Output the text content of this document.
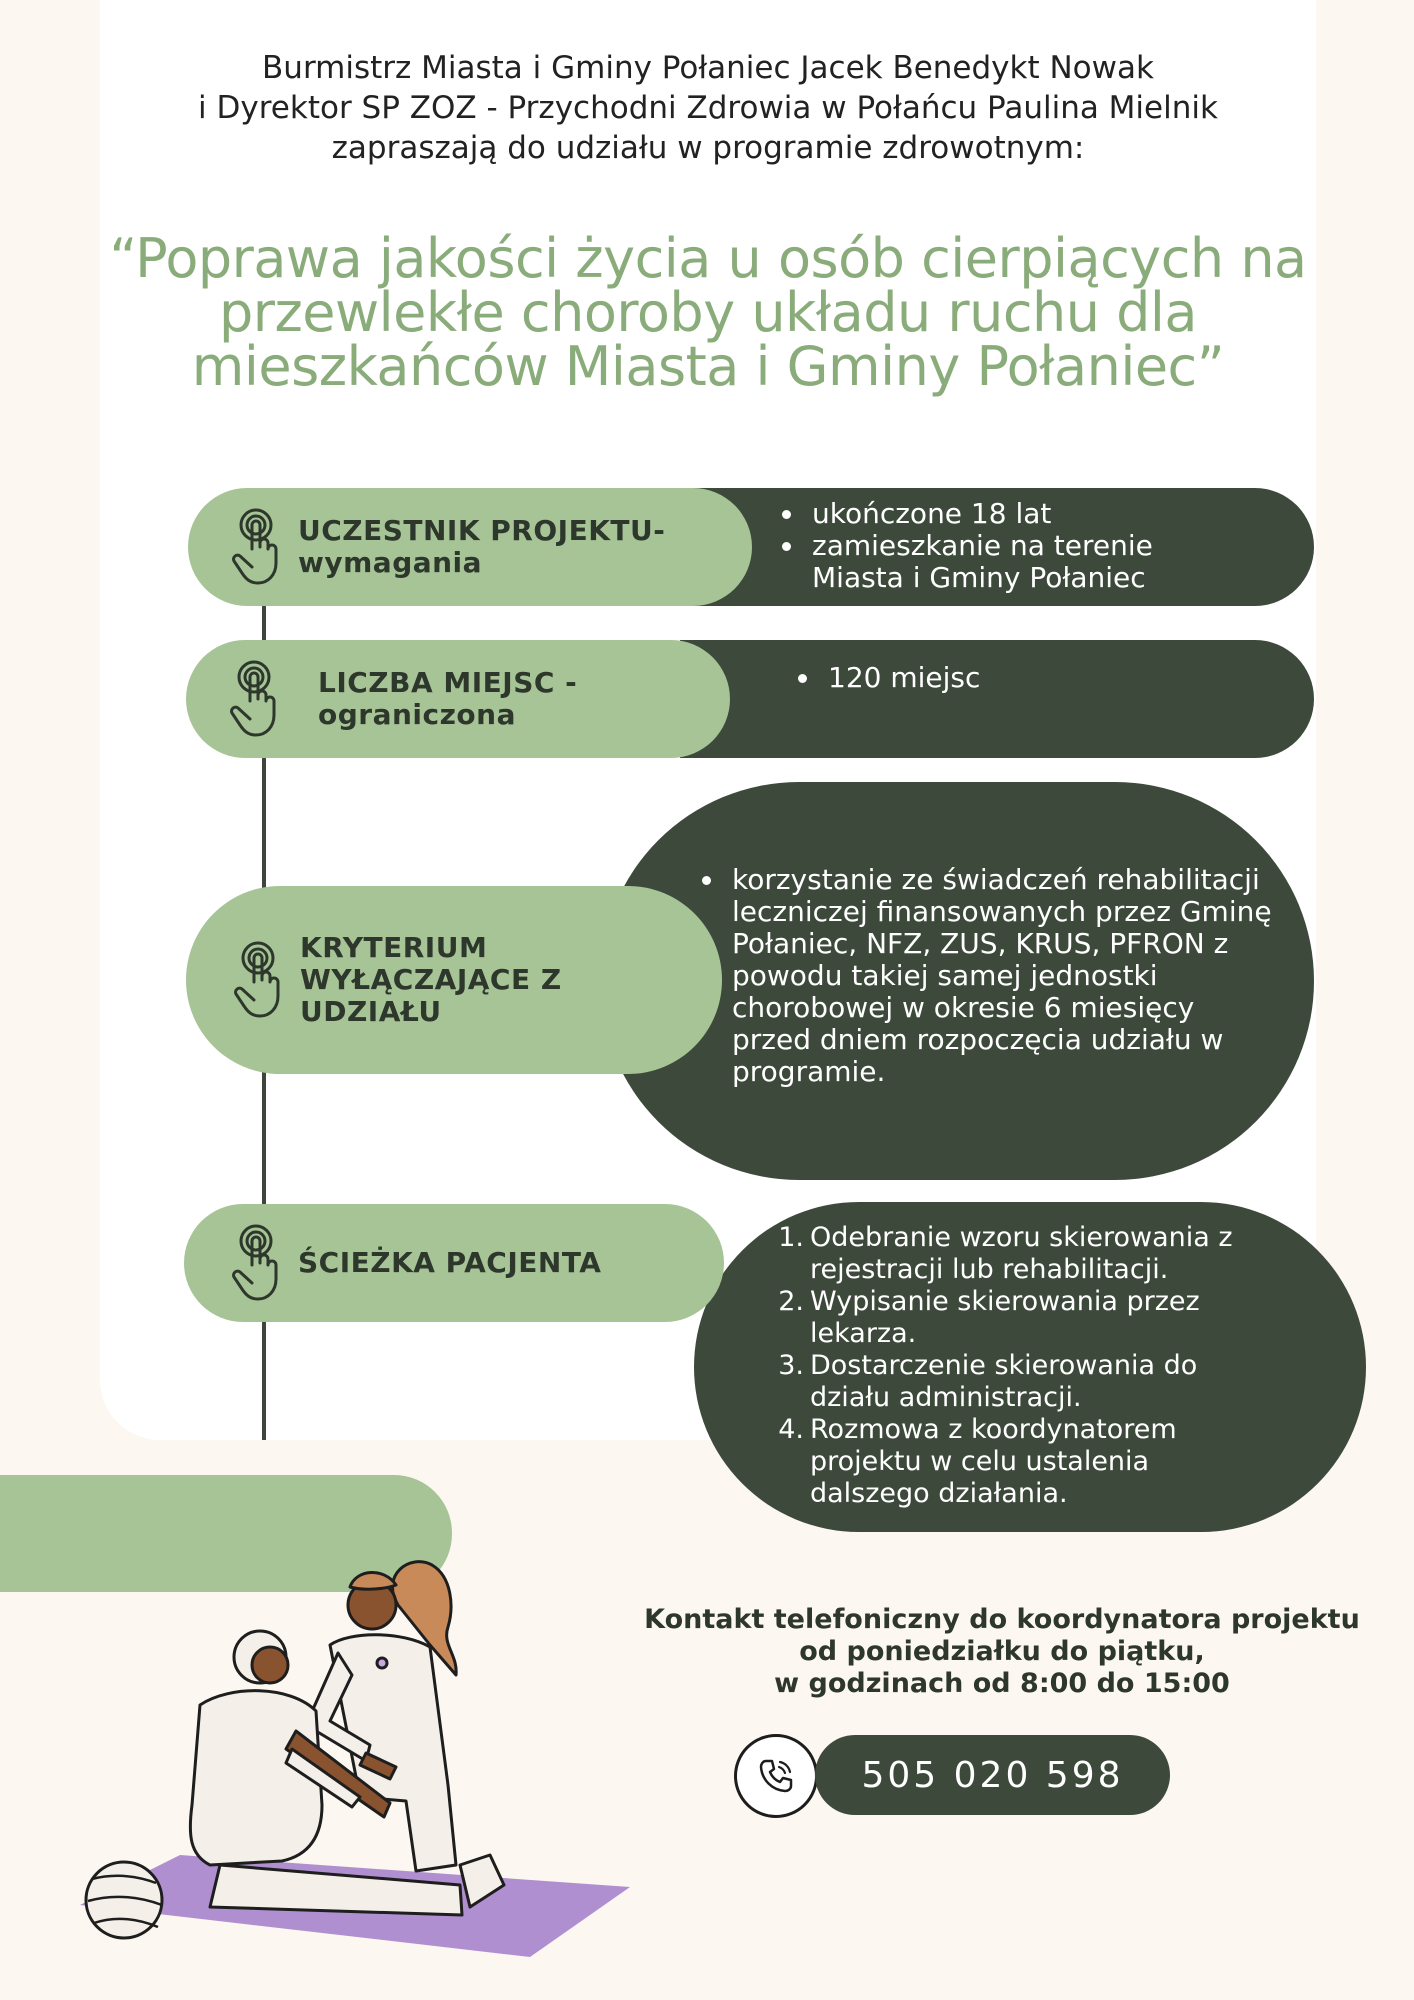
Burmistrz Miasta i Gminy Połaniec Jacek Benedykt Nowak
i Dyrektor SP ZOZ - Przychodni Zdrowia w Połańcu Paulina Mielnik
zapraszają do udziału w programie zdrowotnym:
“Poprawa jakości życia u osób cierpiących na
przewlekłe choroby układu ruchu dla
mieszkańców Miasta i Gminy Połaniec”
ukończone 18 lat
zamieszkanie na terenie Miasta i Gminy Połaniec
UCZESTNIK PROJEKTU-
wymagania
120 miejsc
LICZBA MIEJSC -
ograniczona
korzystanie ze świadczeń rehabilitacji leczniczej finansowanych przez Gminę Połaniec, NFZ, ZUS, KRUS, PFRON z powodu takiej samej jednostki chorobowej w okresie 6 miesięcy przed dniem rozpoczęcia udziału w programie.
KRYTERIUM
WYŁĄCZAJĄCE Z
UDZIAŁU
Odebranie wzoru skierowania z rejestracji lub rehabilitacji.
Wypisanie skierowania przez lekarza.
Dostarczenie skierowania do działu administracji.
Rozmowa z koordynatorem projektu w celu ustalenia dalszego działania.
ŚCIEŻKA PACJENTA
Kontakt telefoniczny do koordynatora projektu
od poniedziałku do piątku,
w godzinach od 8:00 do 15:00
505 020 598
